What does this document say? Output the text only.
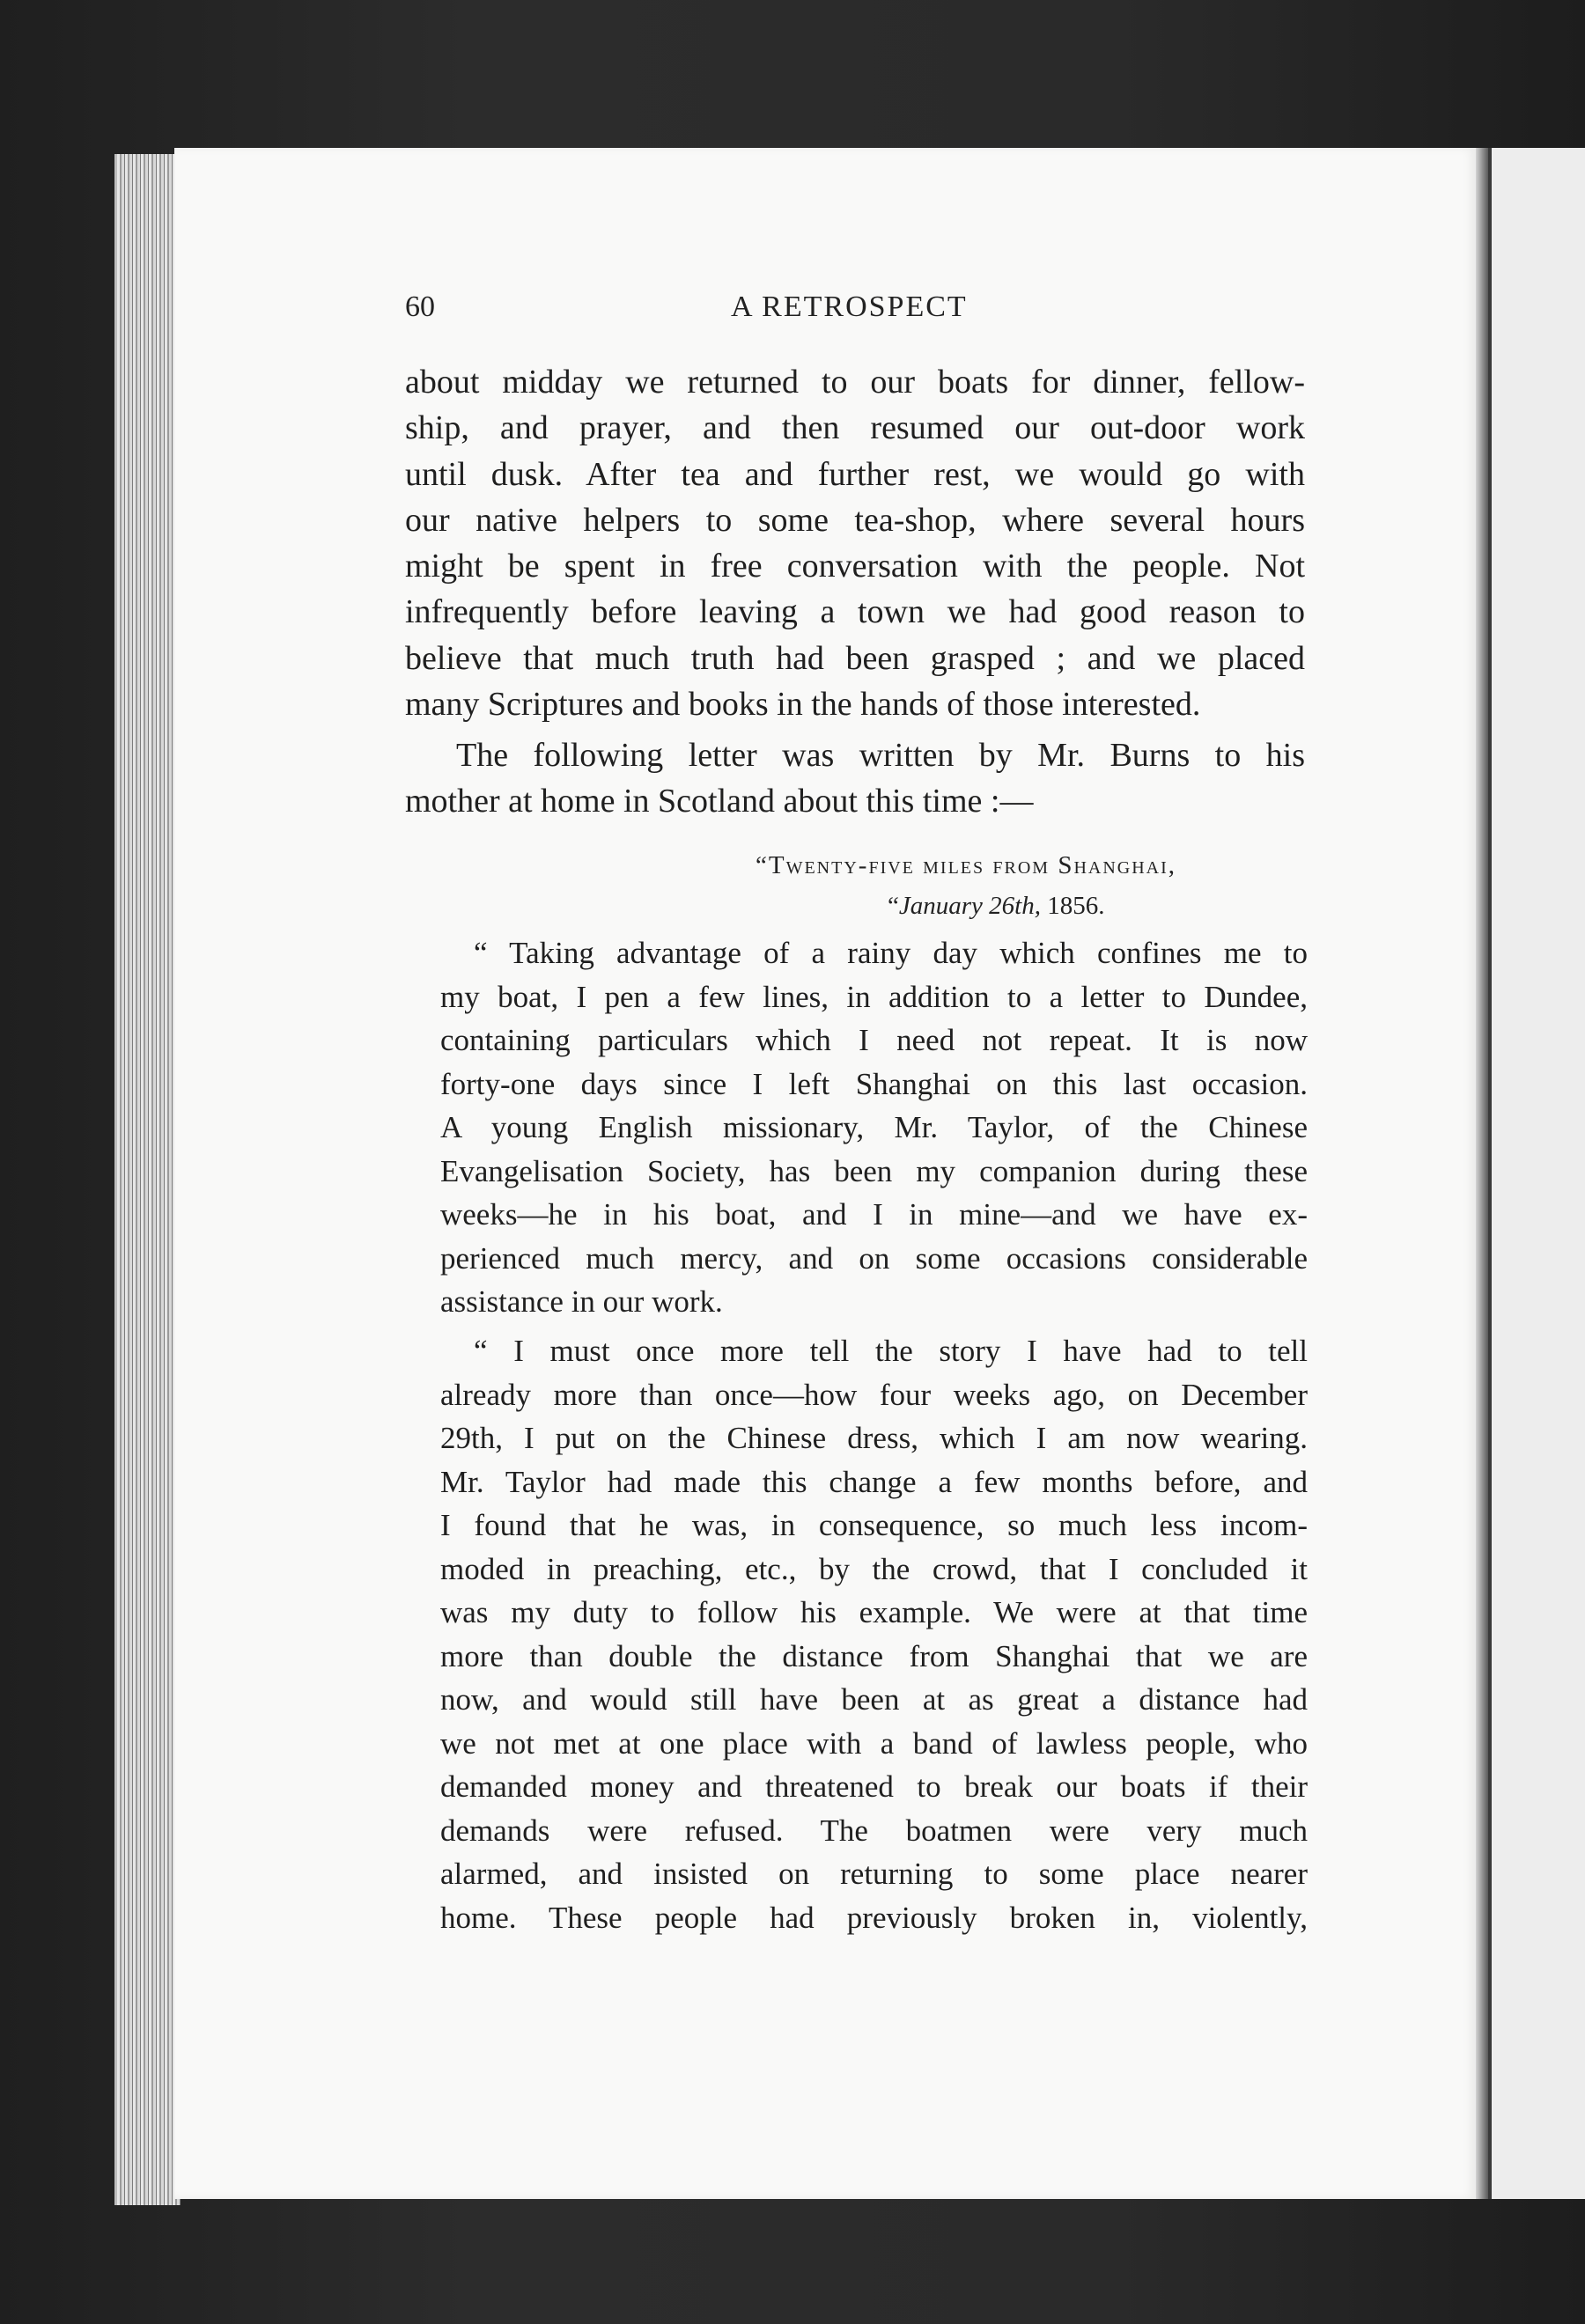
60	A RETROSPECT
about midday we returned to our boats for dinner, fellow-
ship, and prayer, and then resumed our out-door work
until dusk. After tea and further rest, we would go with
our native helpers to some tea-shop, where several hours
might be spent in free conversation with the people. Not
infrequently before leaving a town we had good reason to
believe that much truth had been grasped ; and we placed
many Scriptures and books in the hands of those interested.
The following letter was written by Mr. Burns to his
mother at home in Scotland about this time :—
“Twenty-five miles from Shanghai,
“January 26th, 1856.
“ Taking advantage of a rainy day which confines me to
my boat, I pen a few lines, in addition to a letter to Dundee,
containing particulars which I need not repeat. It is now
forty-one days since I left Shanghai on this last occasion.
A young English missionary, Mr. Taylor, of the Chinese
Evangelisation Society, has been my companion during these
weeks—he in his boat, and I in mine—and we have ex-
perienced much mercy, and on some occasions considerable
assistance in our work.
“ I must once more tell the story I have had to tell
already more than once—how four weeks ago, on December
29th, I put on the Chinese dress, which I am now wearing.
Mr. Taylor had made this change a few months before, and
I found that he was, in consequence, so much less incom-
moded in preaching, etc., by the crowd, that I concluded it
was my duty to follow his example. We were at that time
more than double the distance from Shanghai that we are
now, and would still have been at as great a distance had
we not met at one place with a band of lawless people, who
demanded money and threatened to break our boats if their
demands were refused. The boatmen were very much
alarmed, and insisted on returning to some place nearer
home. These people had previously broken in, violently,
